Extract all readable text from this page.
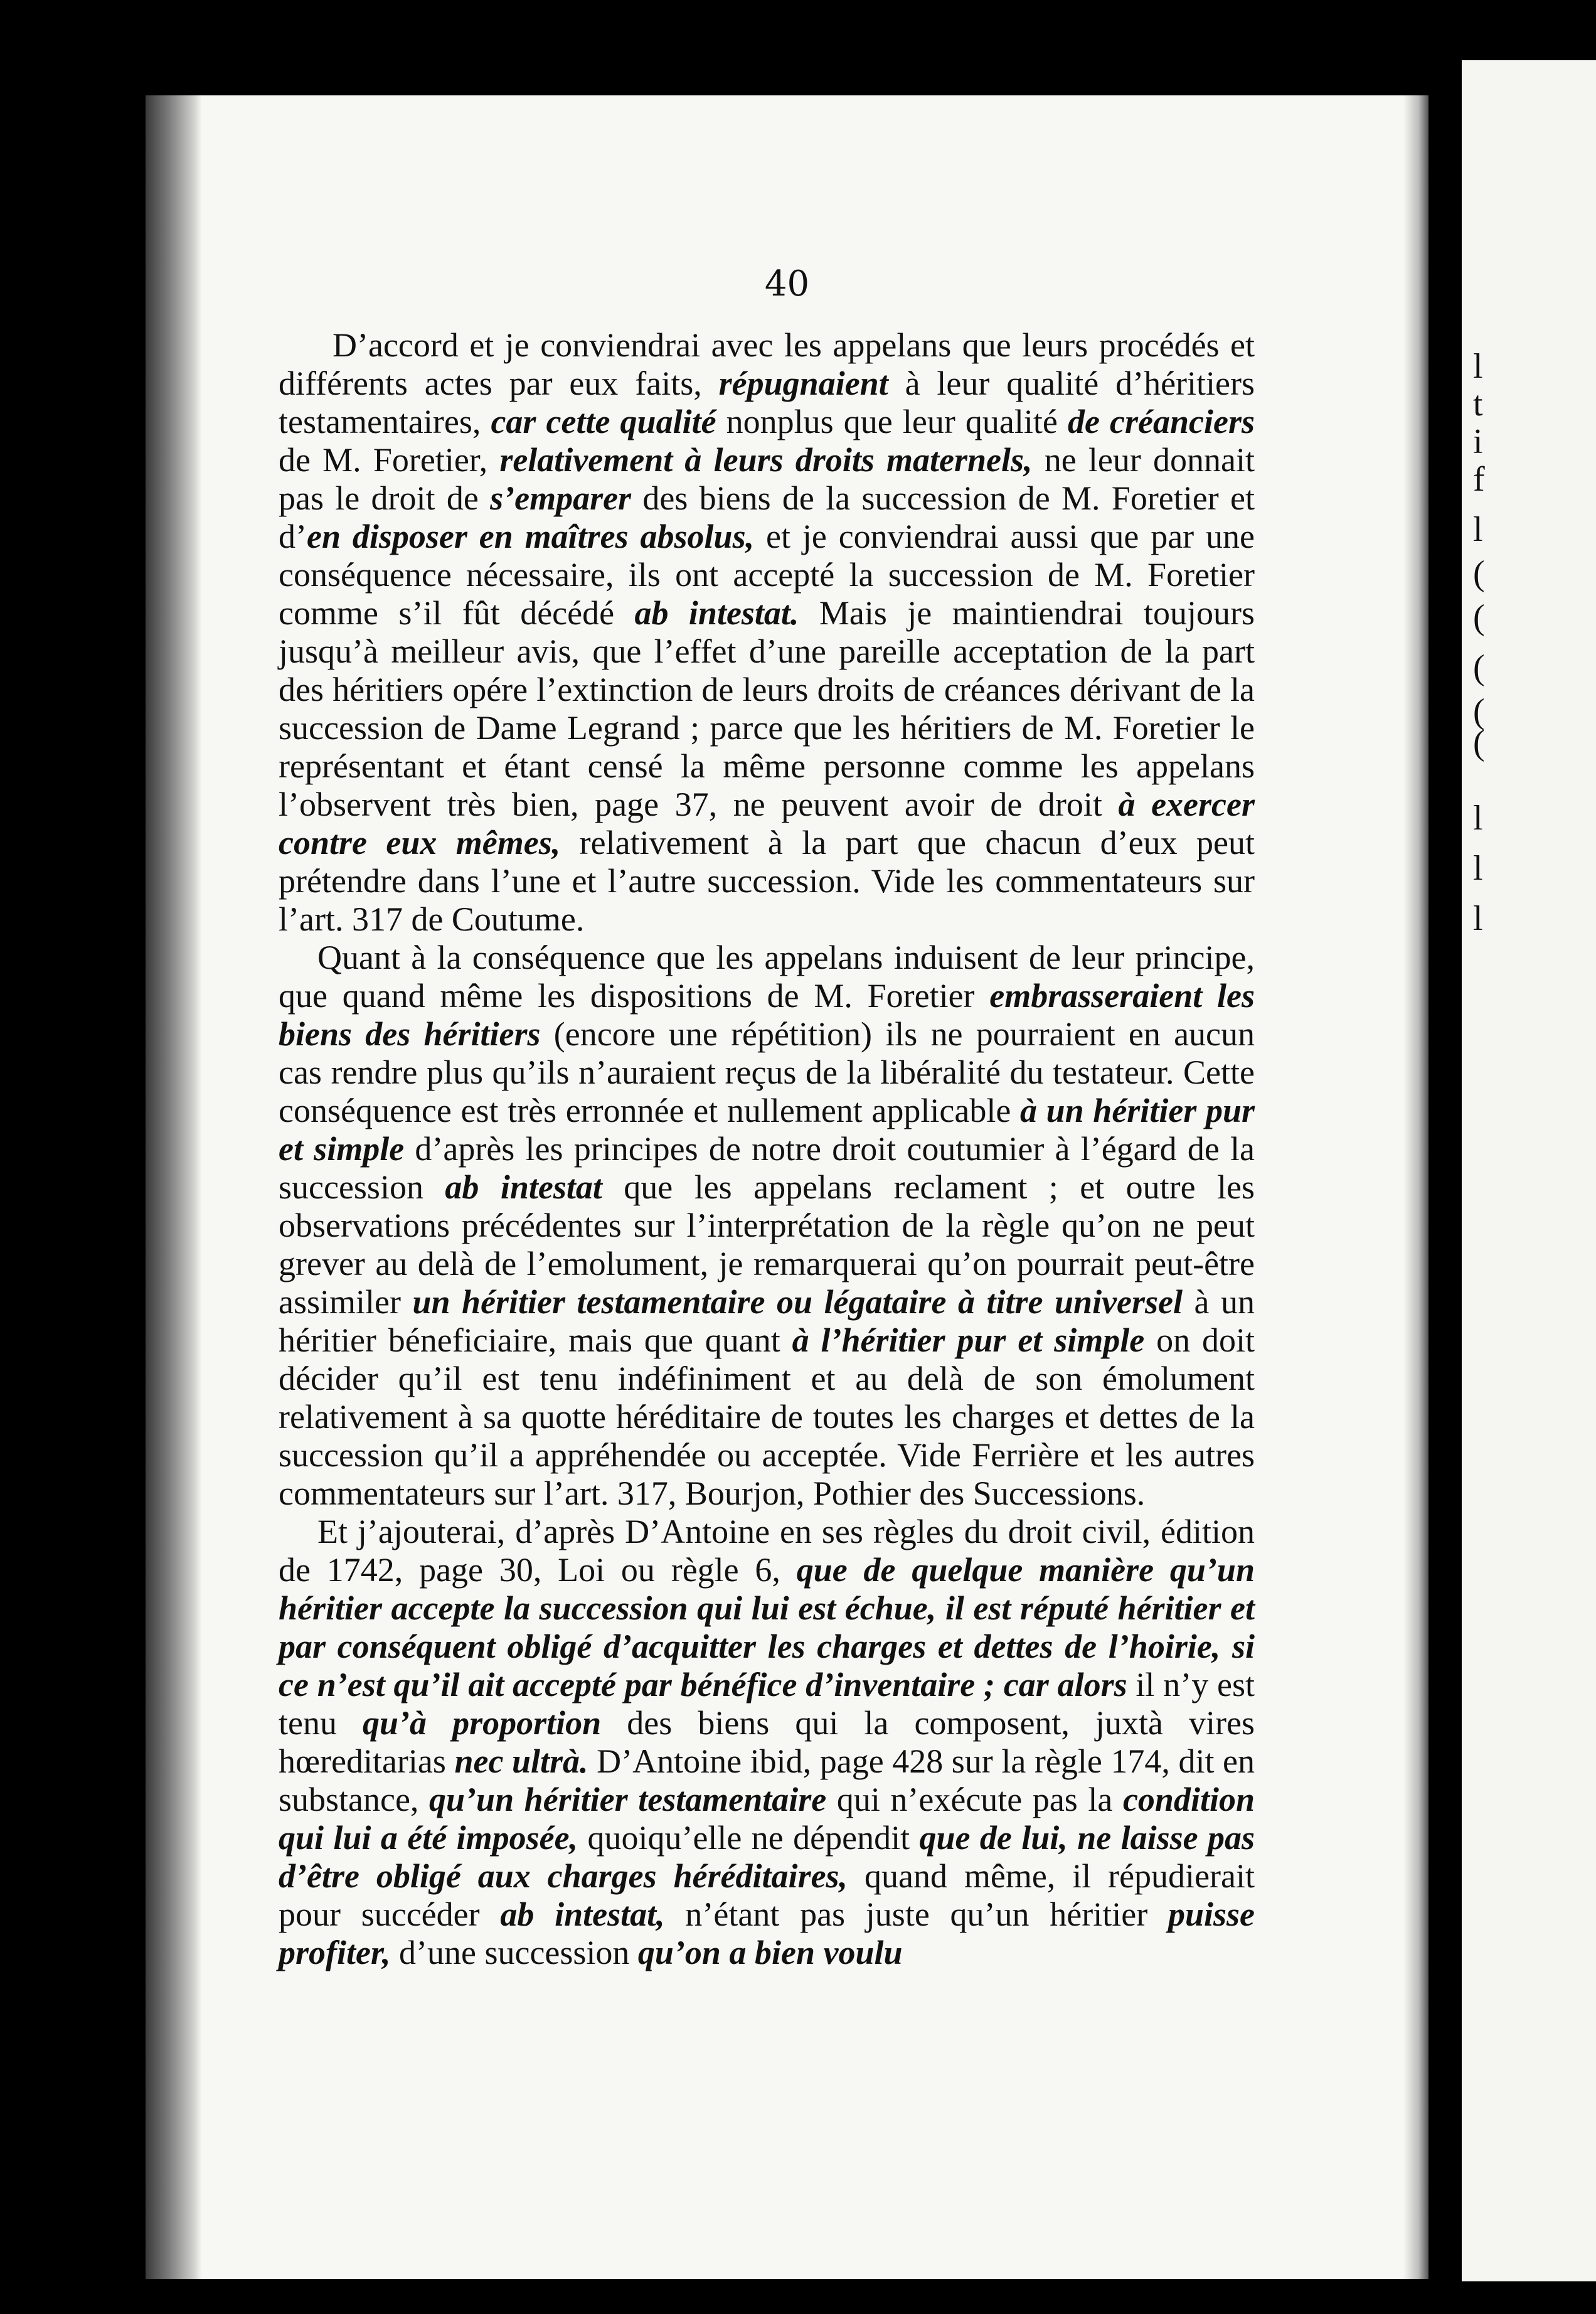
40

D’accord et je conviendrai avec les appelans que leurs procédés et différents actes par eux faits, répugnaient à leur qualité d’héritiers testamentaires, car cette qualité nonplus que leur qualité de créanciers de M. Foretier, relativement à leurs droits maternels, ne leur donnait pas le droit de s’emparer des biens de la succession de M. Foretier et d’en disposer en maîtres absolus, et je conviendrai aussi que par une conséquence nécessaire, ils ont accepté la succession de M. Foretier comme s’il fût décédé ab intestat. Mais je maintiendrai toujours jusqu’à meilleur avis, que l’effet d’une pareille acceptation de la part des héritiers opére l’extinction de leurs droits de créances dérivant de la succession de Dame Legrand ; parce que les héritiers de M. Foretier le représentant et étant censé la même personne comme les appelans l’observent très bien, page 37, ne peuvent avoir de droit à exercer contre eux mêmes, relativement à la part que chacun d’eux peut prétendre dans l’une et l’autre succession. Vide les commentateurs sur l’art. 317 de Coutume.

Quant à la conséquence que les appelans induisent de leur principe, que quand même les dispositions de M. Foretier embrasseraient les biens des héritiers (encore une répétition) ils ne pourraient en aucun cas rendre plus qu’ils n’auraient reçus de la libéralité du testateur. Cette conséquence est très erronnée et nullement applicable à un héritier pur et simple d’après les principes de notre droit coutumier à l’égard de la succession ab intestat que les appelans reclament ; et outre les observations précédentes sur l’interprétation de la règle qu’on ne peut grever au delà de l’emolument, je remarquerai qu’on pourrait peut-être assimiler un héritier testamentaire ou légataire à titre universel à un héritier béneficiaire, mais que quant à l’héritier pur et simple on doit décider qu’il est tenu indéfiniment et au delà de son émolument relativement à sa quotte héréditaire de toutes les charges et dettes de la succession qu’il a appréhendée ou acceptée. Vide Ferrière et les autres commentateurs sur l’art. 317, Bourjon, Pothier des Successions.

Et j’ajouterai, d’après D’Antoine en ses règles du droit civil, édition de 1742, page 30, Loi ou règle 6, que de quelque manière qu’un héritier accepte la succession qui lui est échue, il est réputé héritier et par conséquent obligé d’acquitter les charges et dettes de l’hoirie, si ce n’est qu’il ait accepté par bénéfice d’inventaire ; car alors il n’y est tenu qu’à proportion des biens qui la composent, juxtà vires hœreditarias nec ultrà. D’Antoine ibid, page 428 sur la règle 174, dit en substance, qu’un héritier testamentaire qui n’exécute pas la condition qui lui a été imposée, quoiqu’elle ne dépendit que de lui, ne laisse pas d’être obligé aux charges héréditaires, quand même, il répudierait pour succéder ab intestat, n’étant pas juste qu’un héritier puisse profiter, d’une succession qu’on a bien voulu

l
t
i
f
l
(
(
(
(
(
l
l
l
